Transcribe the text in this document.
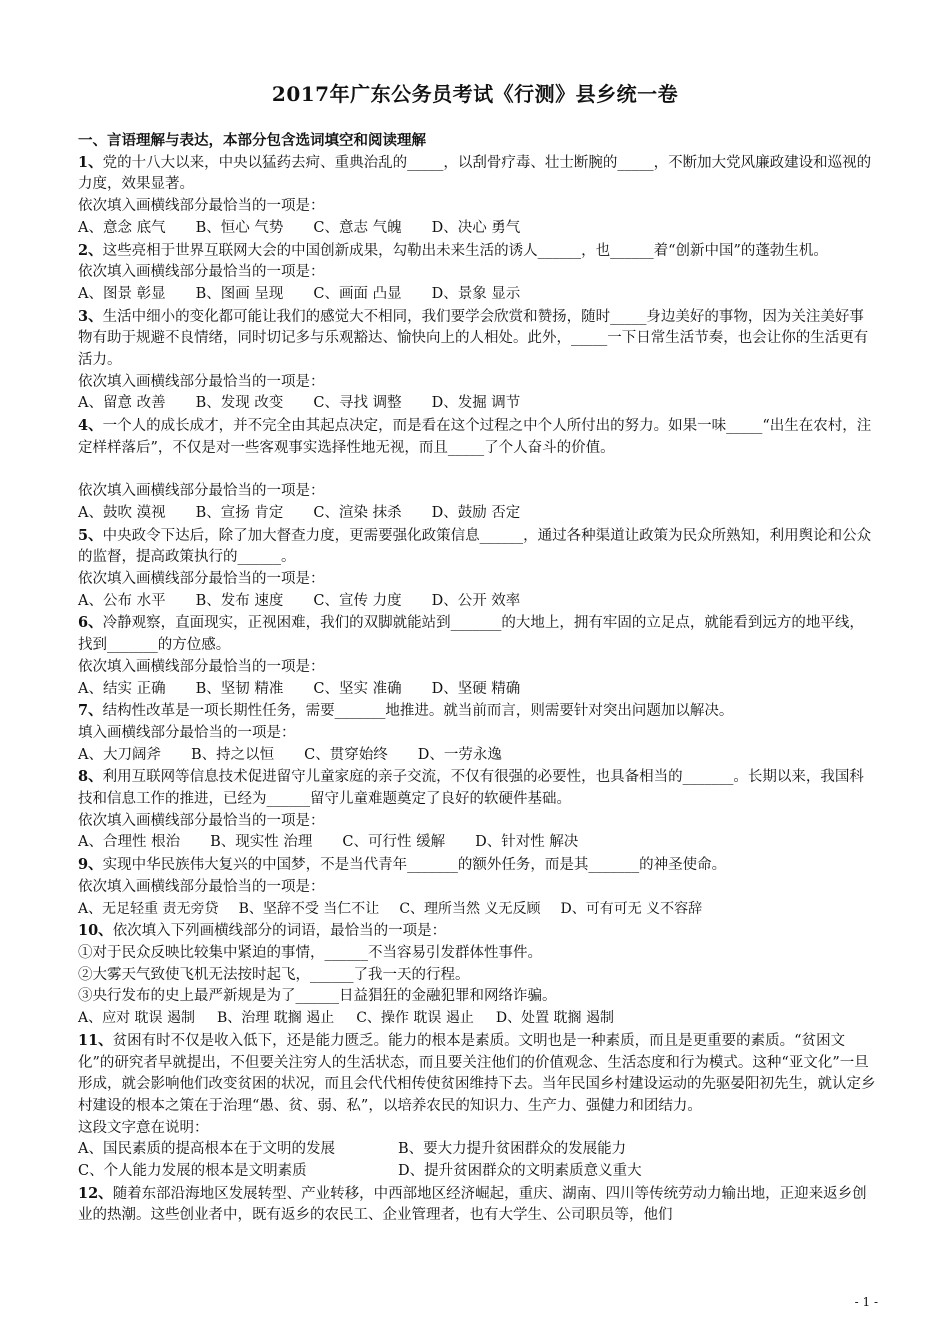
2017年广东公务员考试《行测》县乡统一卷

一、言语理解与表达，本部分包含选词填空和阅读理解

1、党的十八大以来，中央以猛药去疴、重典治乱的_____，以刮骨疗毒、壮士断腕的_____，不断加大党风廉政建设和巡视的力度，效果显著。

依次填入画横线部分最恰当的一项是：

A、意念 底气 B、恒心 气势 C、意志 气魄 D、决心 勇气

2、这些亮相于世界互联网大会的中国创新成果，勾勒出未来生活的诱人______，也______着“创新中国”的蓬勃生机。

依次填入画横线部分最恰当的一项是：

A、图景 彰显 B、图画 呈现 C、画面 凸显 D、景象 显示

3、生活中细小的变化都可能让我们的感觉大不相同，我们要学会欣赏和赞扬，随时_____身边美好的事物，因为关注美好事物有助于规避不良情绪，同时切记多与乐观豁达、愉快向上的人相处。此外，_____一下日常生活节奏，也会让你的生活更有活力。

依次填入画横线部分最恰当的一项是：

A、留意 改善 B、发现 改变 C、寻找 调整 D、发掘 调节

4、一个人的成长成才，并不完全由其起点决定，而是看在这个过程之中个人所付出的努力。如果一味_____“出生在农村，注定样样落后”，不仅是对一些客观事实选择性地无视，而且_____了个人奋斗的价值。

依次填入画横线部分最恰当的一项是：

A、鼓吹 漠视 B、宣扬 肯定 C、渲染 抹杀 D、鼓励 否定

5、中央政令下达后，除了加大督查力度，更需要强化政策信息______，通过各种渠道让政策为民众所熟知，利用舆论和公众的监督，提高政策执行的______。

依次填入画横线部分最恰当的一项是：

A、公布 水平 B、发布 速度 C、宣传 力度 D、公开 效率

6、冷静观察，直面现实，正视困难，我们的双脚就能站到_______的大地上，拥有牢固的立足点，就能看到远方的地平线，找到_______的方位感。

依次填入画横线部分最恰当的一项是：

A、结实 正确 B、坚韧 精准 C、坚实 准确 D、坚硬 精确

7、结构性改革是一项长期性任务，需要_______地推进。就当前而言，则需要针对突出问题加以解决。

填入画横线部分最恰当的一项是：

A、大刀阔斧 B、持之以恒 C、贯穿始终 D、一劳永逸

8、利用互联网等信息技术促进留守儿童家庭的亲子交流，不仅有很强的必要性，也具备相当的_______。长期以来，我国科技和信息工作的推进，已经为______留守儿童难题奠定了良好的软硬件基础。

依次填入画横线部分最恰当的一项是：

A、合理性 根治 B、现实性 治理 C、可行性 缓解 D、针对性 解决

9、实现中华民族伟大复兴的中国梦，不是当代青年_______的额外任务，而是其_______的神圣使命。

依次填入画横线部分最恰当的一项是：

A、无足轻重 责无旁贷 B、坚辞不受 当仁不让 C、理所当然 义无反顾 D、可有可无 义不容辞

10、依次填入下列画横线部分的词语，最恰当的一项是：

①对于民众反映比较集中紧迫的事情，______不当容易引发群体性事件。

②大雾天气致使飞机无法按时起飞，______了我一天的行程。

③央行发布的史上最严新规是为了______日益猖狂的金融犯罪和网络诈骗。

A、应对 耽误 遏制 B、治理 耽搁 遏止 C、操作 耽误 遏止 D、处置 耽搁 遏制

11、贫困有时不仅是收入低下，还是能力匮乏。能力的根本是素质。文明也是一种素质，而且是更重要的素质。“贫困文化”的研究者早就提出，不但要关注穷人的生活状态，而且要关注他们的价值观念、生活态度和行为模式。这种“亚文化”一旦形成，就会影响他们改变贫困的状况，而且会代代相传使贫困维持下去。当年民国乡村建设运动的先驱晏阳初先生，就认定乡村建设的根本之策在于治理“愚、贫、弱、私”，以培养农民的知识力、生产力、强健力和团结力。

这段文字意在说明：

A、国民素质的提高根本在于文明的发展	B、要大力提升贫困群众的发展能力

C、个人能力发展的根本是文明素质	D、提升贫困群众的文明素质意义重大

12、随着东部沿海地区发展转型、产业转移，中西部地区经济崛起，重庆、湖南、四川等传统劳动力输出地，正迎来返乡创业的热潮。这些创业者中，既有返乡的农民工、企业管理者，也有大学生、公司职员等，他们

- 1 -
